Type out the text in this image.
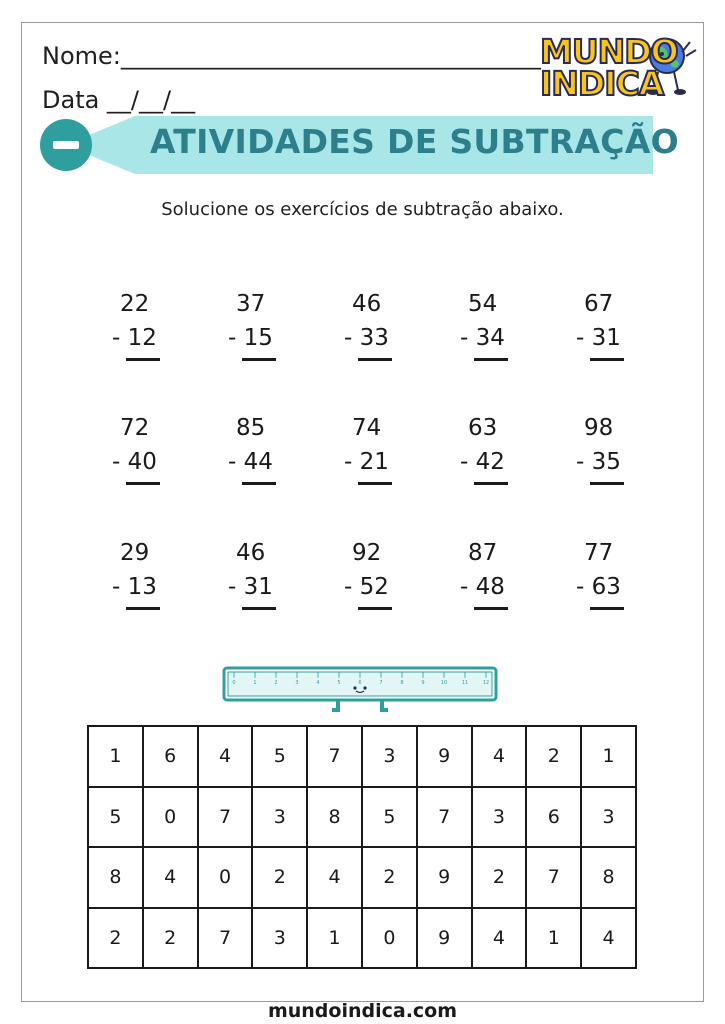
Nome:___________________________________
Data __/__/__
MUNDO
INDICA
ATIVIDADES DE SUBTRAÇÃO
Solucione os exercícios de subtração abaixo.
22
- 12
37
- 15
46
- 33
54
- 34
67
- 31
72
- 40
85
- 44
74
- 21
63
- 42
98
- 35
29
- 13
46
- 31
92
- 52
87
- 48
77
- 63
0	1	2	3	4	5	6	7	8	9	10	11	12
1	6	4	5	7	3	9	4	2	1
5	0	7	3	8	5	7	3	6	3
8	4	0	2	4	2	9	2	7	8
2	2	7	3	1	0	9	4	1	4
mundoindica.com
